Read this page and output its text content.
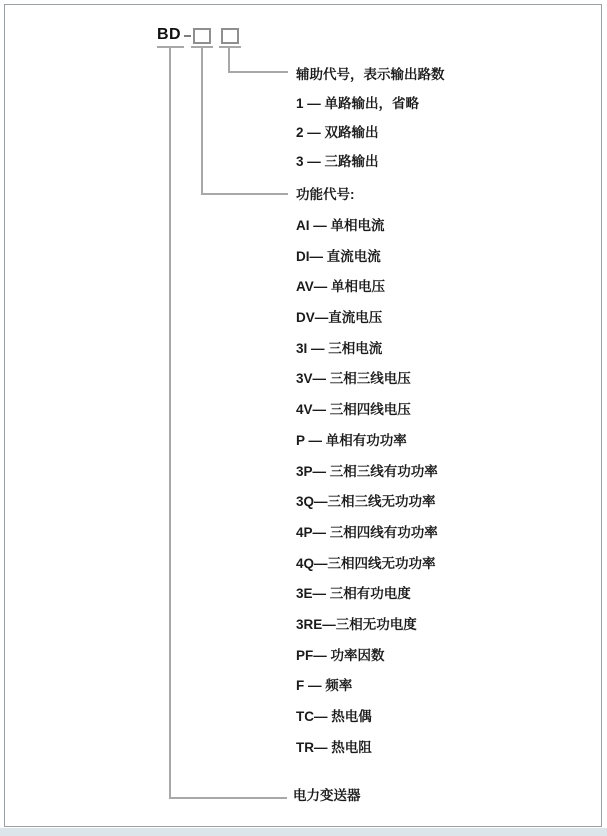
BD
辅助代号，表示输出路数
1 — 单路输出，省略
2 — 双路输出
3 — 三路输出
功能代号:
AI — 单相电流
DI— 直流电流
AV— 单相电压
DV—直流电压
3I — 三相电流
3V— 三相三线电压
4V— 三相四线电压
P — 单相有功功率
3P— 三相三线有功功率
3Q—三相三线无功功率
4P— 三相四线有功功率
4Q—三相四线无功功率
3E— 三相有功电度
3RE—三相无功电度
PF— 功率因数
F — 频率
TC— 热电偶
TR— 热电阻
电力变送器
